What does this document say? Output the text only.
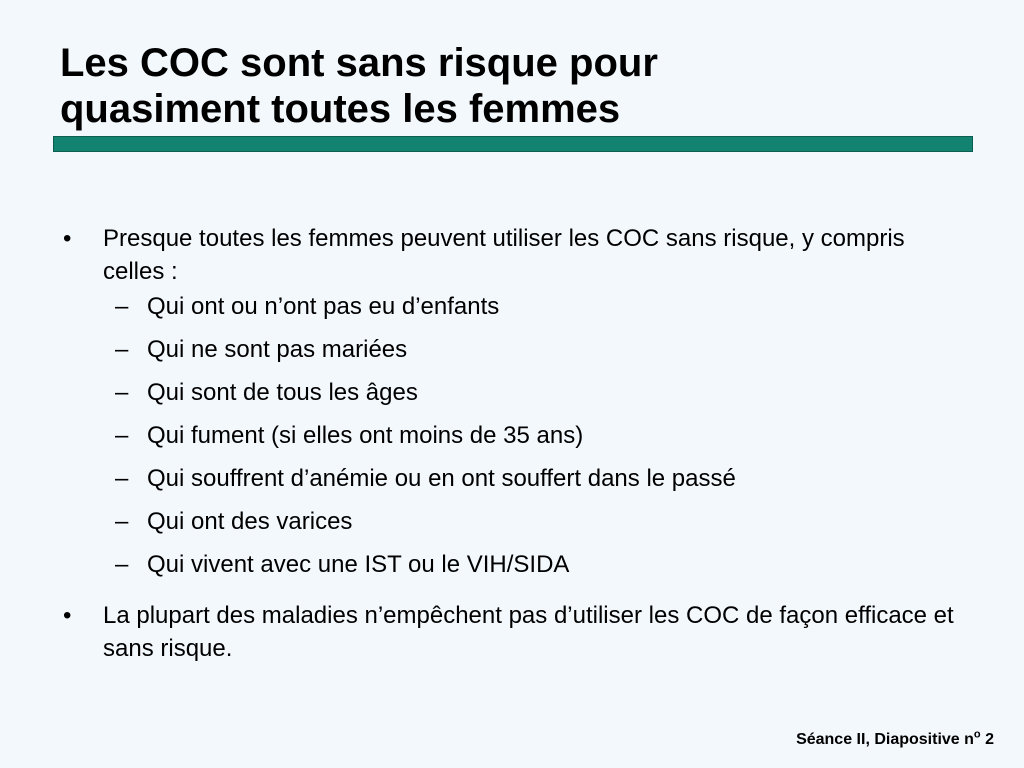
Les COC sont sans risque pour
quasiment toutes les femmes
• Presque toutes les femmes peuvent utiliser les COC sans risque, y compris celles :
– Qui ont ou n’ont pas eu d’enfants
– Qui ne sont pas mariées
– Qui sont de tous les âges
– Qui fument (si elles ont moins de 35 ans)
– Qui souffrent d’anémie ou en ont souffert dans le passé
– Qui ont des varices
– Qui vivent avec une IST ou le VIH/SIDA
• La plupart des maladies n’empêchent pas d’utiliser les COC de façon efficace et sans risque.
Séance II, Diapositive $n^o$ 2
